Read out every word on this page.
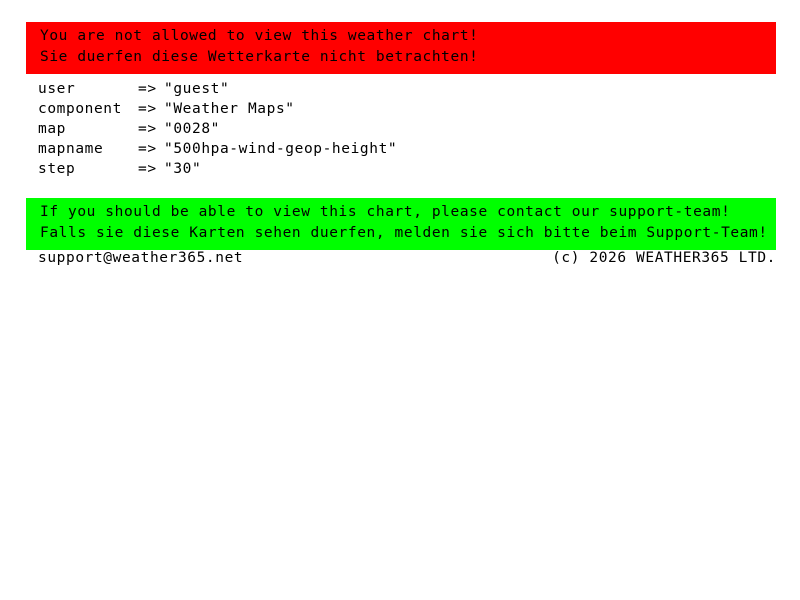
You are not allowed to view this weather chart!
Sie duerfen diese Wetterkarte nicht betrachten!
user	=> "guest"
component	=> "Weather Maps"
map	=> "0028"
mapname	=> "500hpa-wind-geop-height"
step	=> "30"
If you should be able to view this chart, please contact our support-team!
Falls sie diese Karten sehen duerfen, melden sie sich bitte beim Support-Team!
support@weather365.net	(c) 2026 WEATHER365 LTD.
